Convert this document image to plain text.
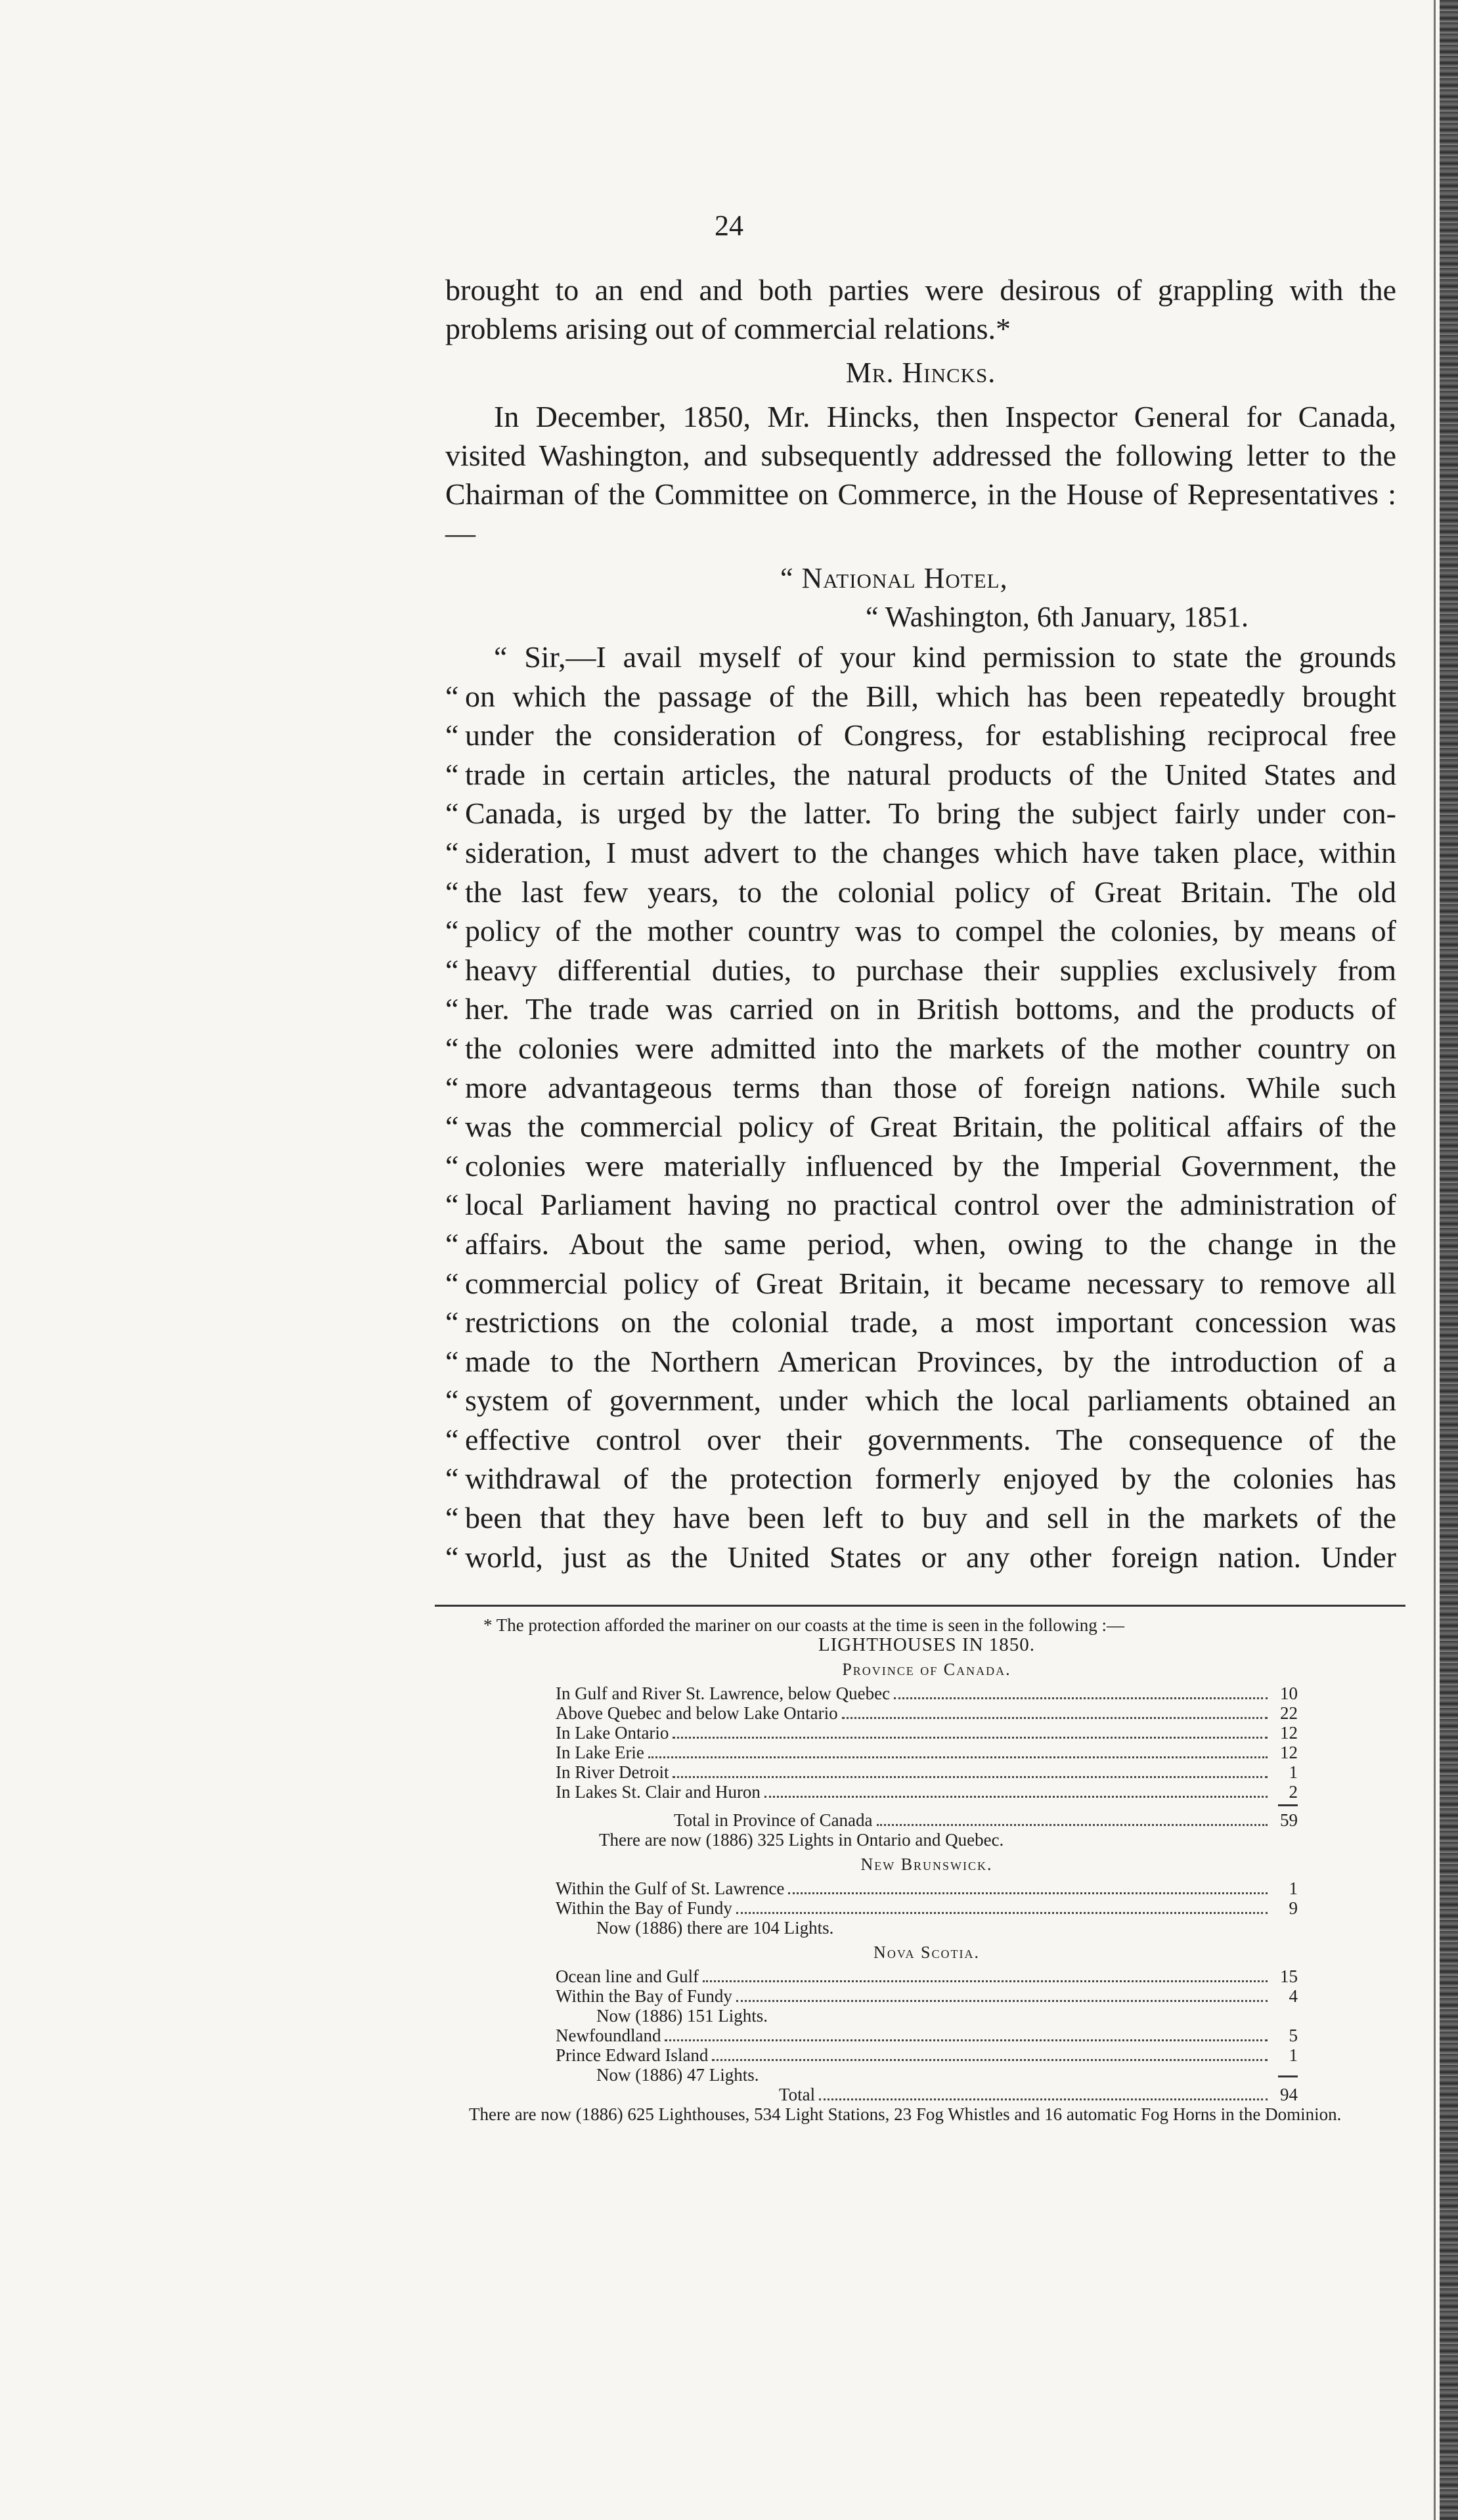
24

brought to an end and both parties were desirous of grappling with the problems arising out of commercial relations.*

Mr. Hincks.

In December, 1850, Mr. Hincks, then Inspector General for Canada, visited Washington, and subsequently addressed the following letter to the Chairman of the Committee on Commerce, in the House of Representatives :—

“ National Hotel,
“ Washington, 6th January, 1851.
“ Sir,—I avail myself of your kind permission to state the grounds
“ on which the passage of the Bill, which has been repeatedly brought
“ under the consideration of Congress, for establishing reciprocal free
“ trade in certain articles, the natural products of the United States and
“ Canada, is urged by the latter. To bring the subject fairly under con-
“ sideration, I must advert to the changes which have taken place, within
“ the last few years, to the colonial policy of Great Britain. The old
“ policy of the mother country was to compel the colonies, by means of
“ heavy differential duties, to purchase their supplies exclusively from
“ her. The trade was carried on in British bottoms, and the products of
“ the colonies were admitted into the markets of the mother country on
“ more advantageous terms than those of foreign nations. While such
“ was the commercial policy of Great Britain, the political affairs of the
“ colonies were materially influenced by the Imperial Government, the
“ local Parliament having no practical control over the administration of
“ affairs. About the same period, when, owing to the change in the
“ commercial policy of Great Britain, it became necessary to remove all
“ restrictions on the colonial trade, a most important concession was
“ made to the Northern American Provinces, by the introduction of a
“ system of government, under which the local parliaments obtained an
“ effective control over their governments. The consequence of the
“ withdrawal of the protection formerly enjoyed by the colonies has
“ been that they have been left to buy and sell in the markets of the
“ world, just as the United States or any other foreign nation. Under
* The protection afforded the mariner on our coasts at the time is seen in the following :—
LIGHTHOUSES IN 1850.
Province of Canada.
In Gulf and River St. Lawrence, below Quebec	10
Above Quebec and below Lake Ontario	22
In Lake Ontario	12
In Lake Erie	12
In River Detroit	1
In Lakes St. Clair and Huron	2
Total in Province of Canada	59
There are now (1886) 325 Lights in Ontario and Quebec.
New Brunswick.
Within the Gulf of St. Lawrence	1
Within the Bay of Fundy	9
Now (1886) there are 104 Lights.
Nova Scotia.
Ocean line and Gulf	15
Within the Bay of Fundy	4
Now (1886) 151 Lights.
Newfoundland	5
Prince Edward Island	1
Now (1886) 47 Lights.
Total	94
There are now (1886) 625 Lighthouses, 534 Light Stations, 23 Fog Whistles and 16 automatic Fog Horns in the Dominion.
